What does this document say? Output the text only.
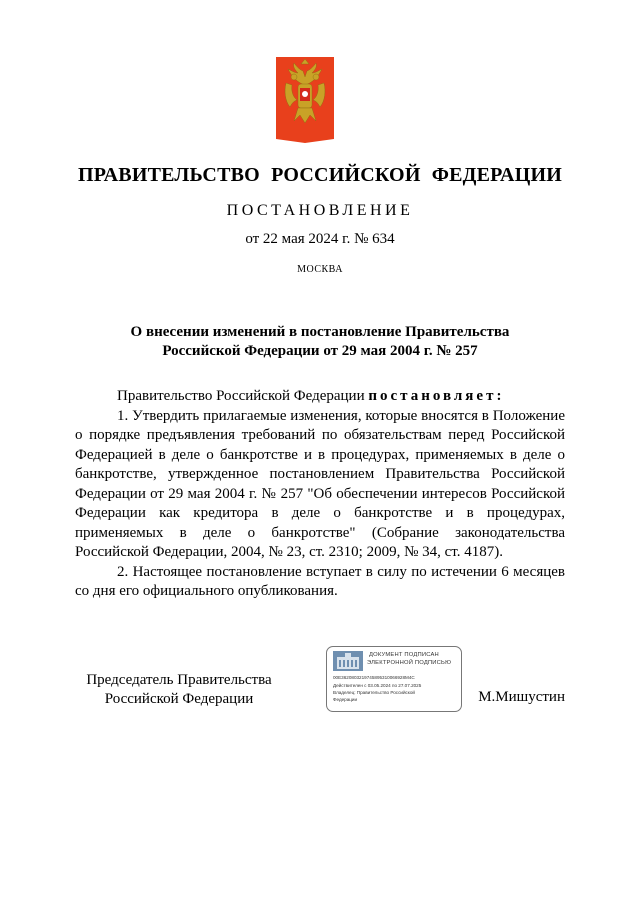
ПРАВИТЕЛЬСТВО РОССИЙСКОЙ ФЕДЕРАЦИИ
ПОСТАНОВЛЕНИЕ
от 22 мая 2024 г. № 634
МОСКВА
О внесении изменений в постановление Правительства
Российской Федерации от 29 мая 2004 г. № 257

Правительство Российской Федерации постановляет:

1. Утвердить прилагаемые изменения, которые вносятся в Положение о порядке предъявления требований по обязательствам перед Российской Федерацией в деле о банкротстве и в процедурах, применяемых в деле о банкротстве, утвержденное постановлением Правительства Российской Федерации от 29 мая 2004 г. № 257 "Об обеспечении интересов Российской Федерации как кредитора в деле о банкротстве и в процедурах, применяемых в деле о банкротстве" (Собрание законодательства Российской Федерации, 2004, № 23, ст. 2310; 2009, № 34, ст. 4187).

2. Настоящее постановление вступает в силу по истечении 6 месяцев со дня его официального опубликования.

Председатель Правительства
Российской Федерации
ДОКУМЕНТ ПОДПИСАН
ЭЛЕКТРОННОЙ ПОДПИСЬЮ
00E3620803219745895310066928M4C
Действителен с 03.05.2024 по 27.07.2025
Владелец: Правительство Российской
Федерации	М.Мишустин
